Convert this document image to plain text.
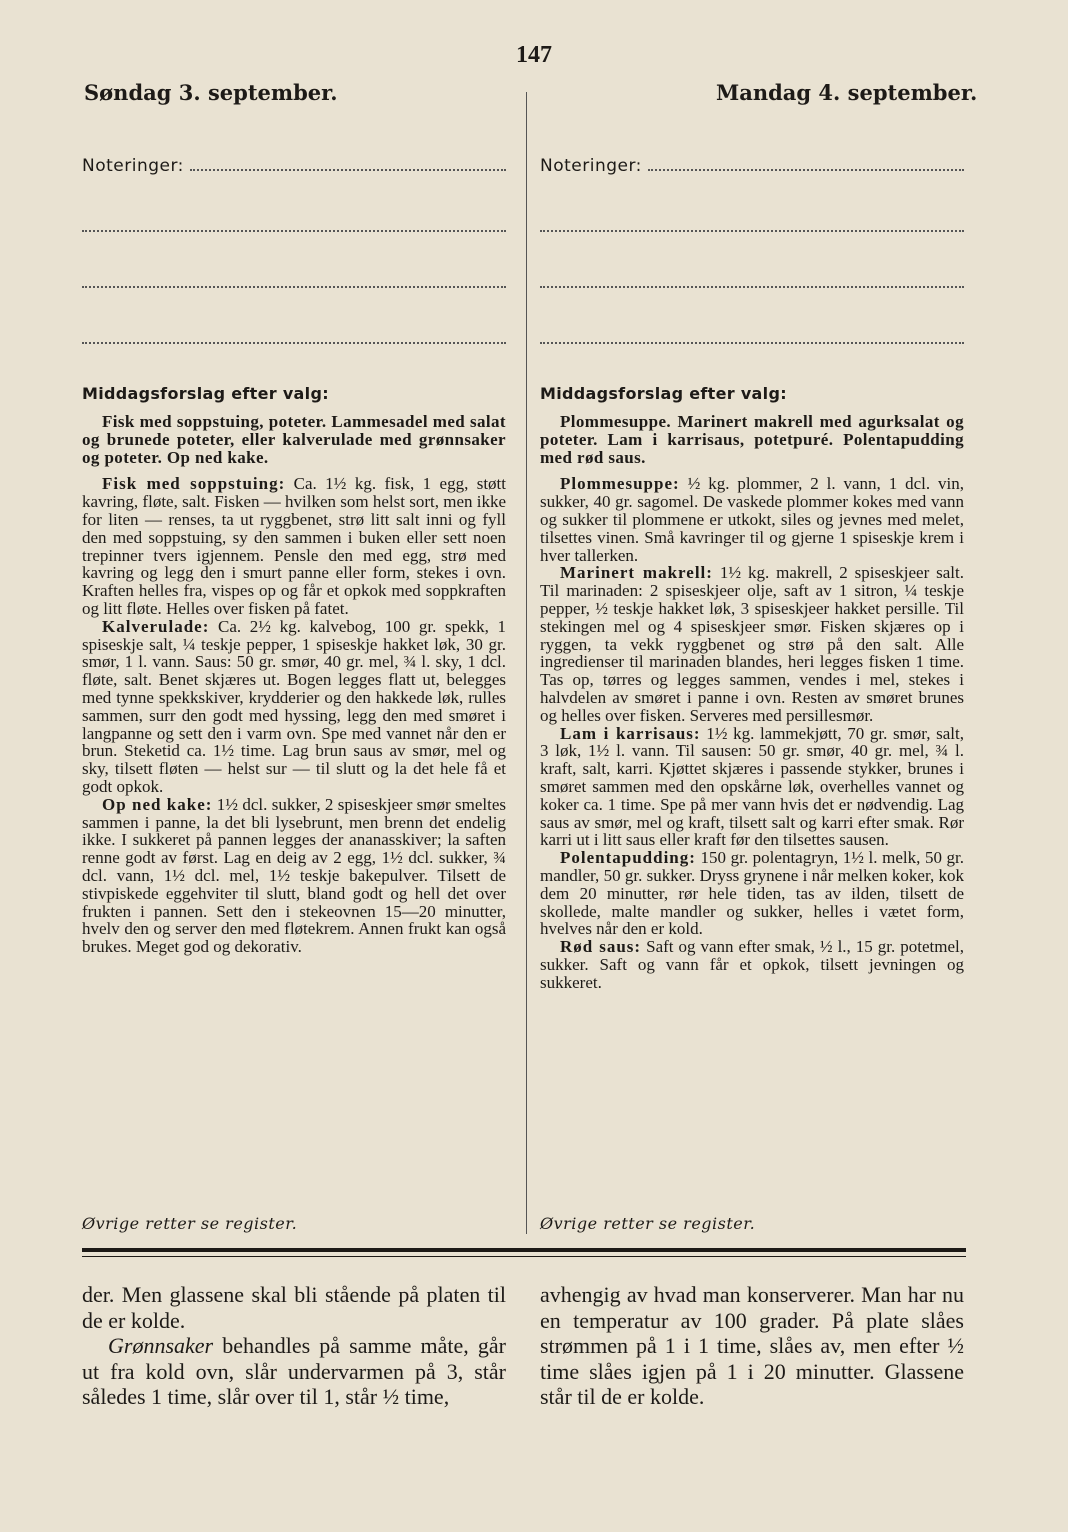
147
Søndag 3. september.	Mandag 4. september.
Noteringer:
Middagsforslag efter valg:

Fisk med soppstuing, poteter. Lammesadel med salat og brunede poteter, eller kalverulade med grønnsaker og poteter. Op ned kake.

Fisk med soppstuing: Ca. 1½ kg. fisk, 1 egg, støtt kavring, fløte, salt. Fisken — hvilken som helst sort, men ikke for liten — renses, ta ut ryggbenet, strø litt salt inni og fyll den med soppstuing, sy den sammen i buken eller sett noen trepinner tvers igjennem. Pensle den med egg, strø med kavring og legg den i smurt panne eller form, stekes i ovn. Kraften helles fra, vispes op og får et opkok med soppkraften og litt fløte. Helles over fisken på fatet.

Kalverulade: Ca. 2½ kg. kalvebog, 100 gr. spekk, 1 spiseskje salt, ¼ teskje pepper, 1 spiseskje hakket løk, 30 gr. smør, 1 l. vann. Saus: 50 gr. smør, 40 gr. mel, ¾ l. sky, 1 dcl. fløte, salt. Benet skjæres ut. Bogen legges flatt ut, belegges med tynne spekkskiver, krydderier og den hakkede løk, rulles sammen, surr den godt med hyssing, legg den med smøret i langpanne og sett den i varm ovn. Spe med vannet når den er brun. Steketid ca. 1½ time. Lag brun saus av smør, mel og sky, tilsett fløten — helst sur — til slutt og la det hele få et godt opkok.

Op ned kake: 1½ dcl. sukker, 2 spiseskjeer smør smeltes sammen i panne, la det bli lysebrunt, men brenn det endelig ikke. I sukkeret på pannen legges der ananasskiver; la saften renne godt av først. Lag en deig av 2 egg, 1½ dcl. sukker, ¾ dcl. vann, 1½ dcl. mel, 1½ teskje bakepulver. Tilsett de stivpiskede eggehviter til slutt, bland godt og hell det over frukten i pannen. Sett den i stekeovnen 15—20 minutter, hvelv den og server den med fløtekrem. Annen frukt kan også brukes. Meget god og dekorativ.

Noteringer:
Middagsforslag efter valg:

Plommesuppe. Marinert makrell med agurksalat og poteter. Lam i karrisaus, potetpuré. Polentapudding med rød saus.

Plommesuppe: ½ kg. plommer, 2 l. vann, 1 dcl. vin, sukker, 40 gr. sagomel. De vaskede plommer kokes med vann og sukker til plommene er utkokt, siles og jevnes med melet, tilsettes vinen. Små kavringer til og gjerne 1 spiseskje krem i hver tallerken.

Marinert makrell: 1½ kg. makrell, 2 spiseskjeer salt. Til marinaden: 2 spiseskjeer olje, saft av 1 sitron, ¼ teskje pepper, ½ teskje hakket løk, 3 spiseskjeer hakket persille. Til stekingen mel og 4 spiseskjeer smør. Fisken skjæres op i ryggen, ta vekk ryggbenet og strø på den salt. Alle ingredienser til marinaden blandes, heri legges fisken 1 time. Tas op, tørres og legges sammen, vendes i mel, stekes i halvdelen av smøret i panne i ovn. Resten av smøret brunes og helles over fisken. Serveres med persillesmør.

Lam i karrisaus: 1½ kg. lammekjøtt, 70 gr. smør, salt, 3 løk, 1½ l. vann. Til sausen: 50 gr. smør, 40 gr. mel, ¾ l. kraft, salt, karri. Kjøttet skjæres i passende stykker, brunes i smøret sammen med den opskårne løk, overhelles vannet og koker ca. 1 time. Spe på mer vann hvis det er nødvendig. Lag saus av smør, mel og kraft, tilsett salt og karri efter smak. Rør karri ut i litt saus eller kraft før den tilsettes sausen.

Polentapudding: 150 gr. polentagryn, 1½ l. melk, 50 gr. mandler, 50 gr. sukker. Dryss grynene i når melken koker, kok dem 20 minutter, rør hele tiden, tas av ilden, tilsett de skollede, malte mandler og sukker, helles i vætet form, hvelves når den er kold.

Rød saus: Saft og vann efter smak, ½ l., 15 gr. potetmel, sukker. Saft og vann får et opkok, tilsett jevningen og sukkeret.

Øvrige retter se register.	Øvrige retter se register.

der. Men glassene skal bli stående på platen til de er kolde.

Grønnsaker behandles på samme måte, går ut fra kold ovn, slår undervarmen på 3, står således 1 time, slår over til 1, står ½ time,

avhengig av hvad man konserverer. Man har nu en temperatur av 100 grader. På plate slåes strømmen på 1 i 1 time, slåes av, men efter ½ time slåes igjen på 1 i 20 minutter. Glassene står til de er kolde.
